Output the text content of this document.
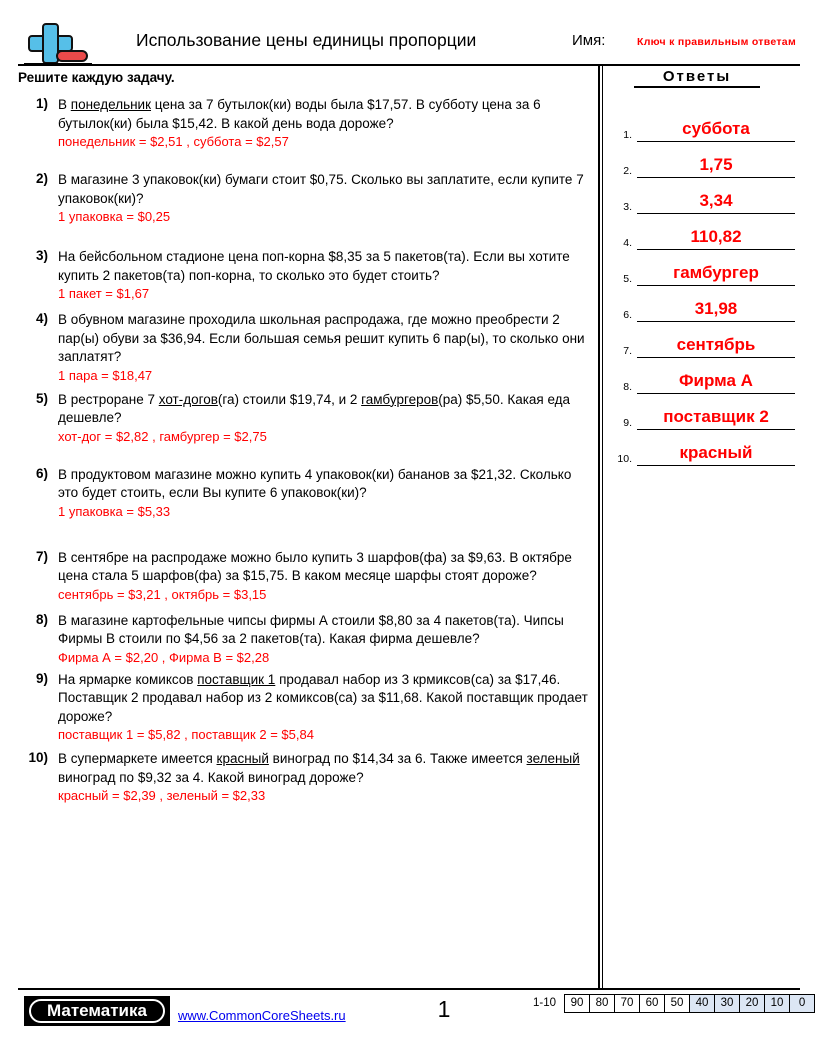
Использование цены единицы пропорции	Имя:	Ключ к правильным ответам
Решите каждую задачу.
1) В понедельник цена за 7 бутылок(ки) воды была $17,57. В субботу цена за 6 бутылок(ки) была $15,42. В какой день вода дороже?
понедельник = $2,51 , суббота = $2,57
2) В магазине 3 упаковок(ки) бумаги стоит $0,75. Сколько вы заплатите, если купите 7 упаковок(ки)?
1 упаковка = $0,25
3) На бейсбольном стадионе цена поп-корна $8,35 за 5 пакетов(та). Если вы хотите купить 2 пакетов(та) поп-корна, то сколько это будет стоить?
1 пакет = $1,67
4) В обувном магазине проходила школьная распродажа, где можно преобрести 2 пар(ы) обуви за $36,94. Если большая семья решит купить 6 пар(ы), то сколько они заплатят?
1 пара = $18,47
5) В рестроране 7 хот-догов(га) стоили $19,74, и 2 гамбургеров(ра) $5,50. Какая еда дешевле?
хот-дог = $2,82 , гамбургер = $2,75
6) В продуктовом магазине можно купить 4 упаковок(ки) бананов за $21,32. Сколько это будет стоить, если Вы купите 6 упаковок(ки)?
1 упаковка = $5,33
7) В сентябре на распродаже можно было купить 3 шарфов(фа) за $9,63. В октябре цена стала 5 шарфов(фа) за $15,75. В каком месяце шарфы стоят дороже?
сентябрь = $3,21 , октябрь = $3,15
8) В магазине картофельные чипсы фирмы А стоили $8,80 за 4 пакетов(та). Чипсы Фирмы В стоили по $4,56 за 2 пакетов(та). Какая фирма дешевле?
Фирма А = $2,20 , Фирма В = $2,28
9) На ярмарке комиксов поставщик 1 продавал набор из 3 крмиксов(са) за $17,46. Поставщик 2 продавал набор из 2 комиксов(са) за $11,68. Какой поставщик продает дороже?
поставщик 1 = $5,82 , поставщик 2 = $5,84
10) В супермаркете имеется красный виноград по $14,34 за 6. Также имеется зеленый виноград по $9,32 за 4. Какой виноград дороже?
красный = $2,39 , зеленый = $2,33
Ответы
1.	суббота
2.	1,75
3.	3,34
4.	110,82
5.	гамбургер
6.	31,98
7.	сентябрь
8.	Фирма А
9.	поставщик 2
10.	красный
Математика	www.CommonCoreSheets.ru	1	1-10	90	80	70	60	50	40	30	20	10	0
